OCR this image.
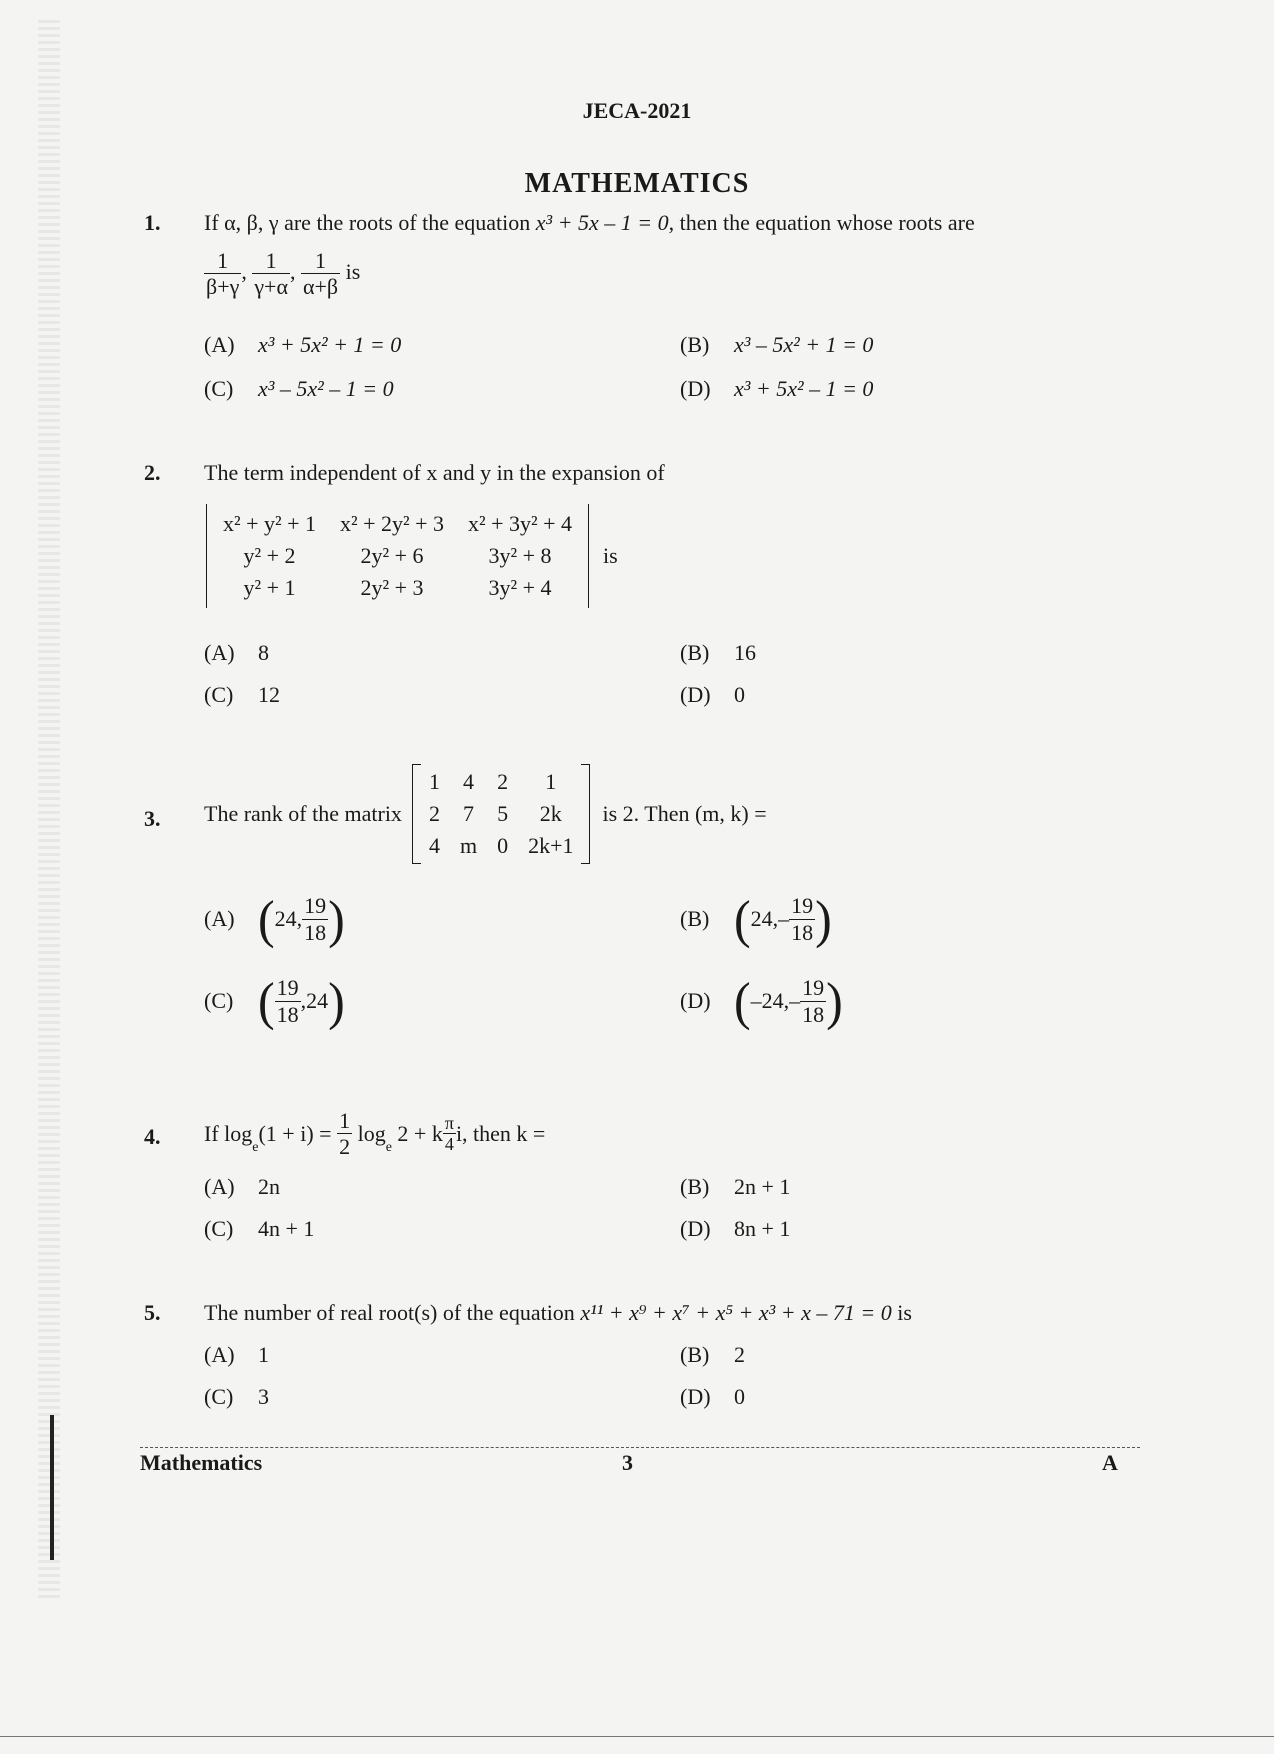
JECA-2021
MATHEMATICS
1. If α, β, γ are the roots of the equation x³ + 5x – 1 = 0, then the equation whose roots are
$\frac{1}{\beta+\gamma}$ , $\frac{1}{\gamma+\alpha}$ , $\frac{1}{\alpha+\beta}$ is
(A) x³ + 5x² + 1 = 0	(B) x³ – 5x² + 1 = 0
(C) x³ – 5x² – 1 = 0	(D) x³ + 5x² – 1 = 0
2. The term independent of x and y in the expansion of
x² + y² + 1	x² + 2y² + 3	x² + 3y² + 4
y² + 2	2y² + 6	3y² + 8
y² + 1	2y² + 3	3y² + 4
is
(A) 8	(B) 16
(C) 12	(D) 0
3. The rank of the matrix
1	4	2	1
2	7	5	2k
4	m	0	2k+1
is 2. Then (m, k) =
(A) (24, $\frac{19}{18}$ )	(B) ($24,- \frac{19}{18}$ )
(C) ( $\frac{19}{18} ,24$)	(D) ($-24,- \frac{19}{18}$ )
4. If $\log_e(1 + i) = \frac{1}{2} \log_e 2 + k \frac{\pi}{4} i$, then k =
(A) 2n	(B) 2n + 1
(C) 4n + 1	(D) 8n + 1
5. The number of real root(s) of the equation x¹¹ + x⁹ + x⁷ + x⁵ + x³ + x – 71 = 0 is
(A) 1	(B) 2
(C) 3	(D) 0
Mathematics	3	A
